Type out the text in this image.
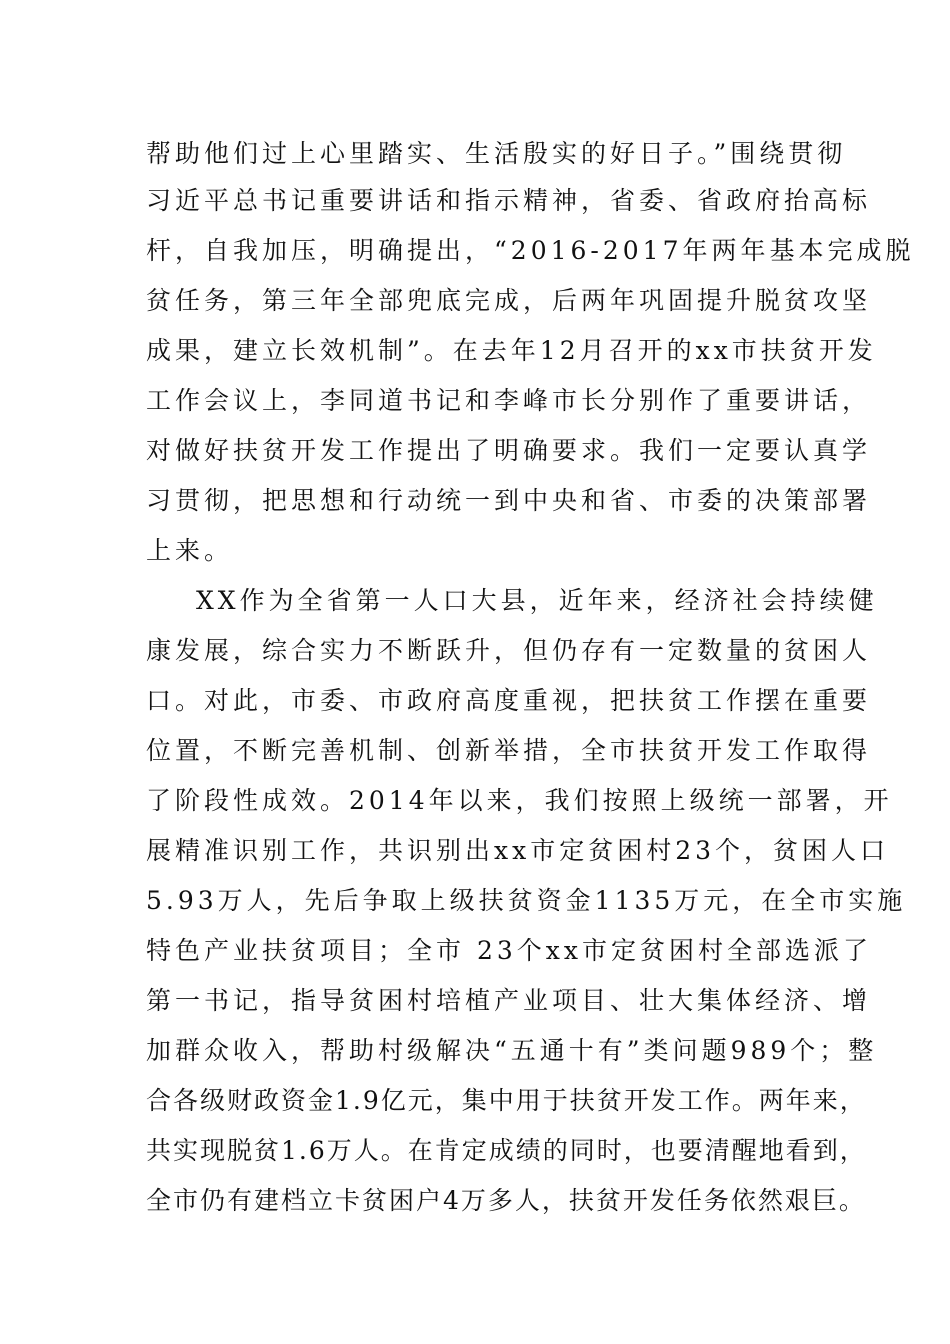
帮助他们过上心里踏实、生活殷实的好日子。”围绕贯彻
习近平总书记重要讲话和指示精神，省委、省政府抬高标
杆，自我加压，明确提出，“2016-2017年两年基本完成脱
贫任务，第三年全部兜底完成，后两年巩固提升脱贫攻坚
成果，建立长效机制”。在去年12月召开的xx市扶贫开发
工作会议上，李同道书记和李峰市长分别作了重要讲话，
对做好扶贫开发工作提出了明确要求。我们一定要认真学
习贯彻，把思想和行动统一到中央和省、市委的决策部署
上来。
XX作为全省第一人口大县，近年来，经济社会持续健
康发展，综合实力不断跃升，但仍存有一定数量的贫困人
口。对此，市委、市政府高度重视，把扶贫工作摆在重要
位置，不断完善机制、创新举措，全市扶贫开发工作取得
了阶段性成效。2014年以来，我们按照上级统一部署，开
展精准识别工作，共识别出xx市定贫困村23个，贫困人口
5.93万人，先后争取上级扶贫资金1135万元，在全市实施
特色产业扶贫项目；全市 23个xx市定贫困村全部选派了
第一书记，指导贫困村培植产业项目、壮大集体经济、增
加群众收入，帮助村级解决“五通十有”类问题989个；整
合各级财政资金1.9亿元，集中用于扶贫开发工作。两年来，
共实现脱贫1.6万人。在肯定成绩的同时，也要清醒地看到，
全市仍有建档立卡贫困户4万多人，扶贫开发任务依然艰巨。
